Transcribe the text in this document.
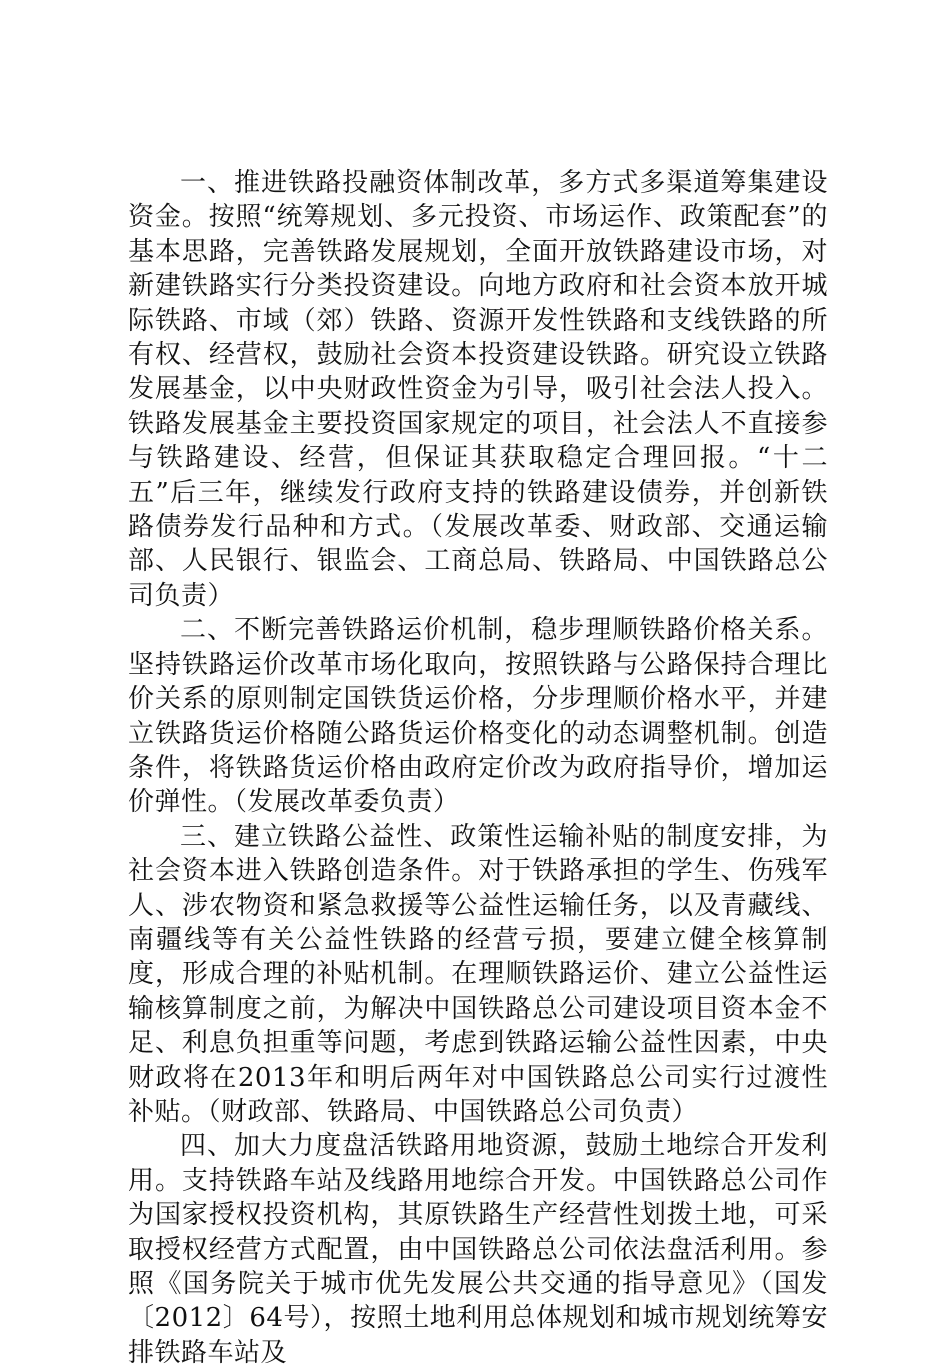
一、推进铁路投融资体制改革，多方式多渠道筹集建设资金。按照“统筹规划、多元投资、市场运作、政策配套”的基本思路，完善铁路发展规划，全面开放铁路建设市场，对新建铁路实行分类投资建设。向地方政府和社会资本放开城际铁路、市域（郊）铁路、资源开发性铁路和支线铁路的所有权、经营权，鼓励社会资本投资建设铁路。研究设立铁路发展基金，以中央财政性资金为引导，吸引社会法人投入。铁路发展基金主要投资国家规定的项目，社会法人不直接参与铁路建设、经营，但保证其获取稳定合理回报。“十二五”后三年，继续发行政府支持的铁路建设债券，并创新铁路债券发行品种和方式。（发展改革委、财政部、交通运输部、人民银行、银监会、工商总局、铁路局、中国铁路总公司负责）

二、不断完善铁路运价机制，稳步理顺铁路价格关系。坚持铁路运价改革市场化取向，按照铁路与公路保持合理比价关系的原则制定国铁货运价格，分步理顺价格水平，并建立铁路货运价格随公路货运价格变化的动态调整机制。创造条件，将铁路货运价格由政府定价改为政府指导价，增加运价弹性。（发展改革委负责）

三、建立铁路公益性、政策性运输补贴的制度安排，为社会资本进入铁路创造条件。对于铁路承担的学生、伤残军人、涉农物资和紧急救援等公益性运输任务，以及青藏线、南疆线等有关公益性铁路的经营亏损，要建立健全核算制度，形成合理的补贴机制。在理顺铁路运价、建立公益性运输核算制度之前，为解决中国铁路总公司建设项目资本金不足、利息负担重等问题，考虑到铁路运输公益性因素，中央财政将在2013年和明后两年对中国铁路总公司实行过渡性补贴。（财政部、铁路局、中国铁路总公司负责）

四、加大力度盘活铁路用地资源，鼓励土地综合开发利用。支持铁路车站及线路用地综合开发。中国铁路总公司作为国家授权投资机构，其原铁路生产经营性划拨土地，可采取授权经营方式配置，由中国铁路总公司依法盘活利用。参照《国务院关于城市优先发展公共交通的指导意见》（国发〔2012〕64号），按照土地利用总体规划和城市规划统筹安排铁路车站及
